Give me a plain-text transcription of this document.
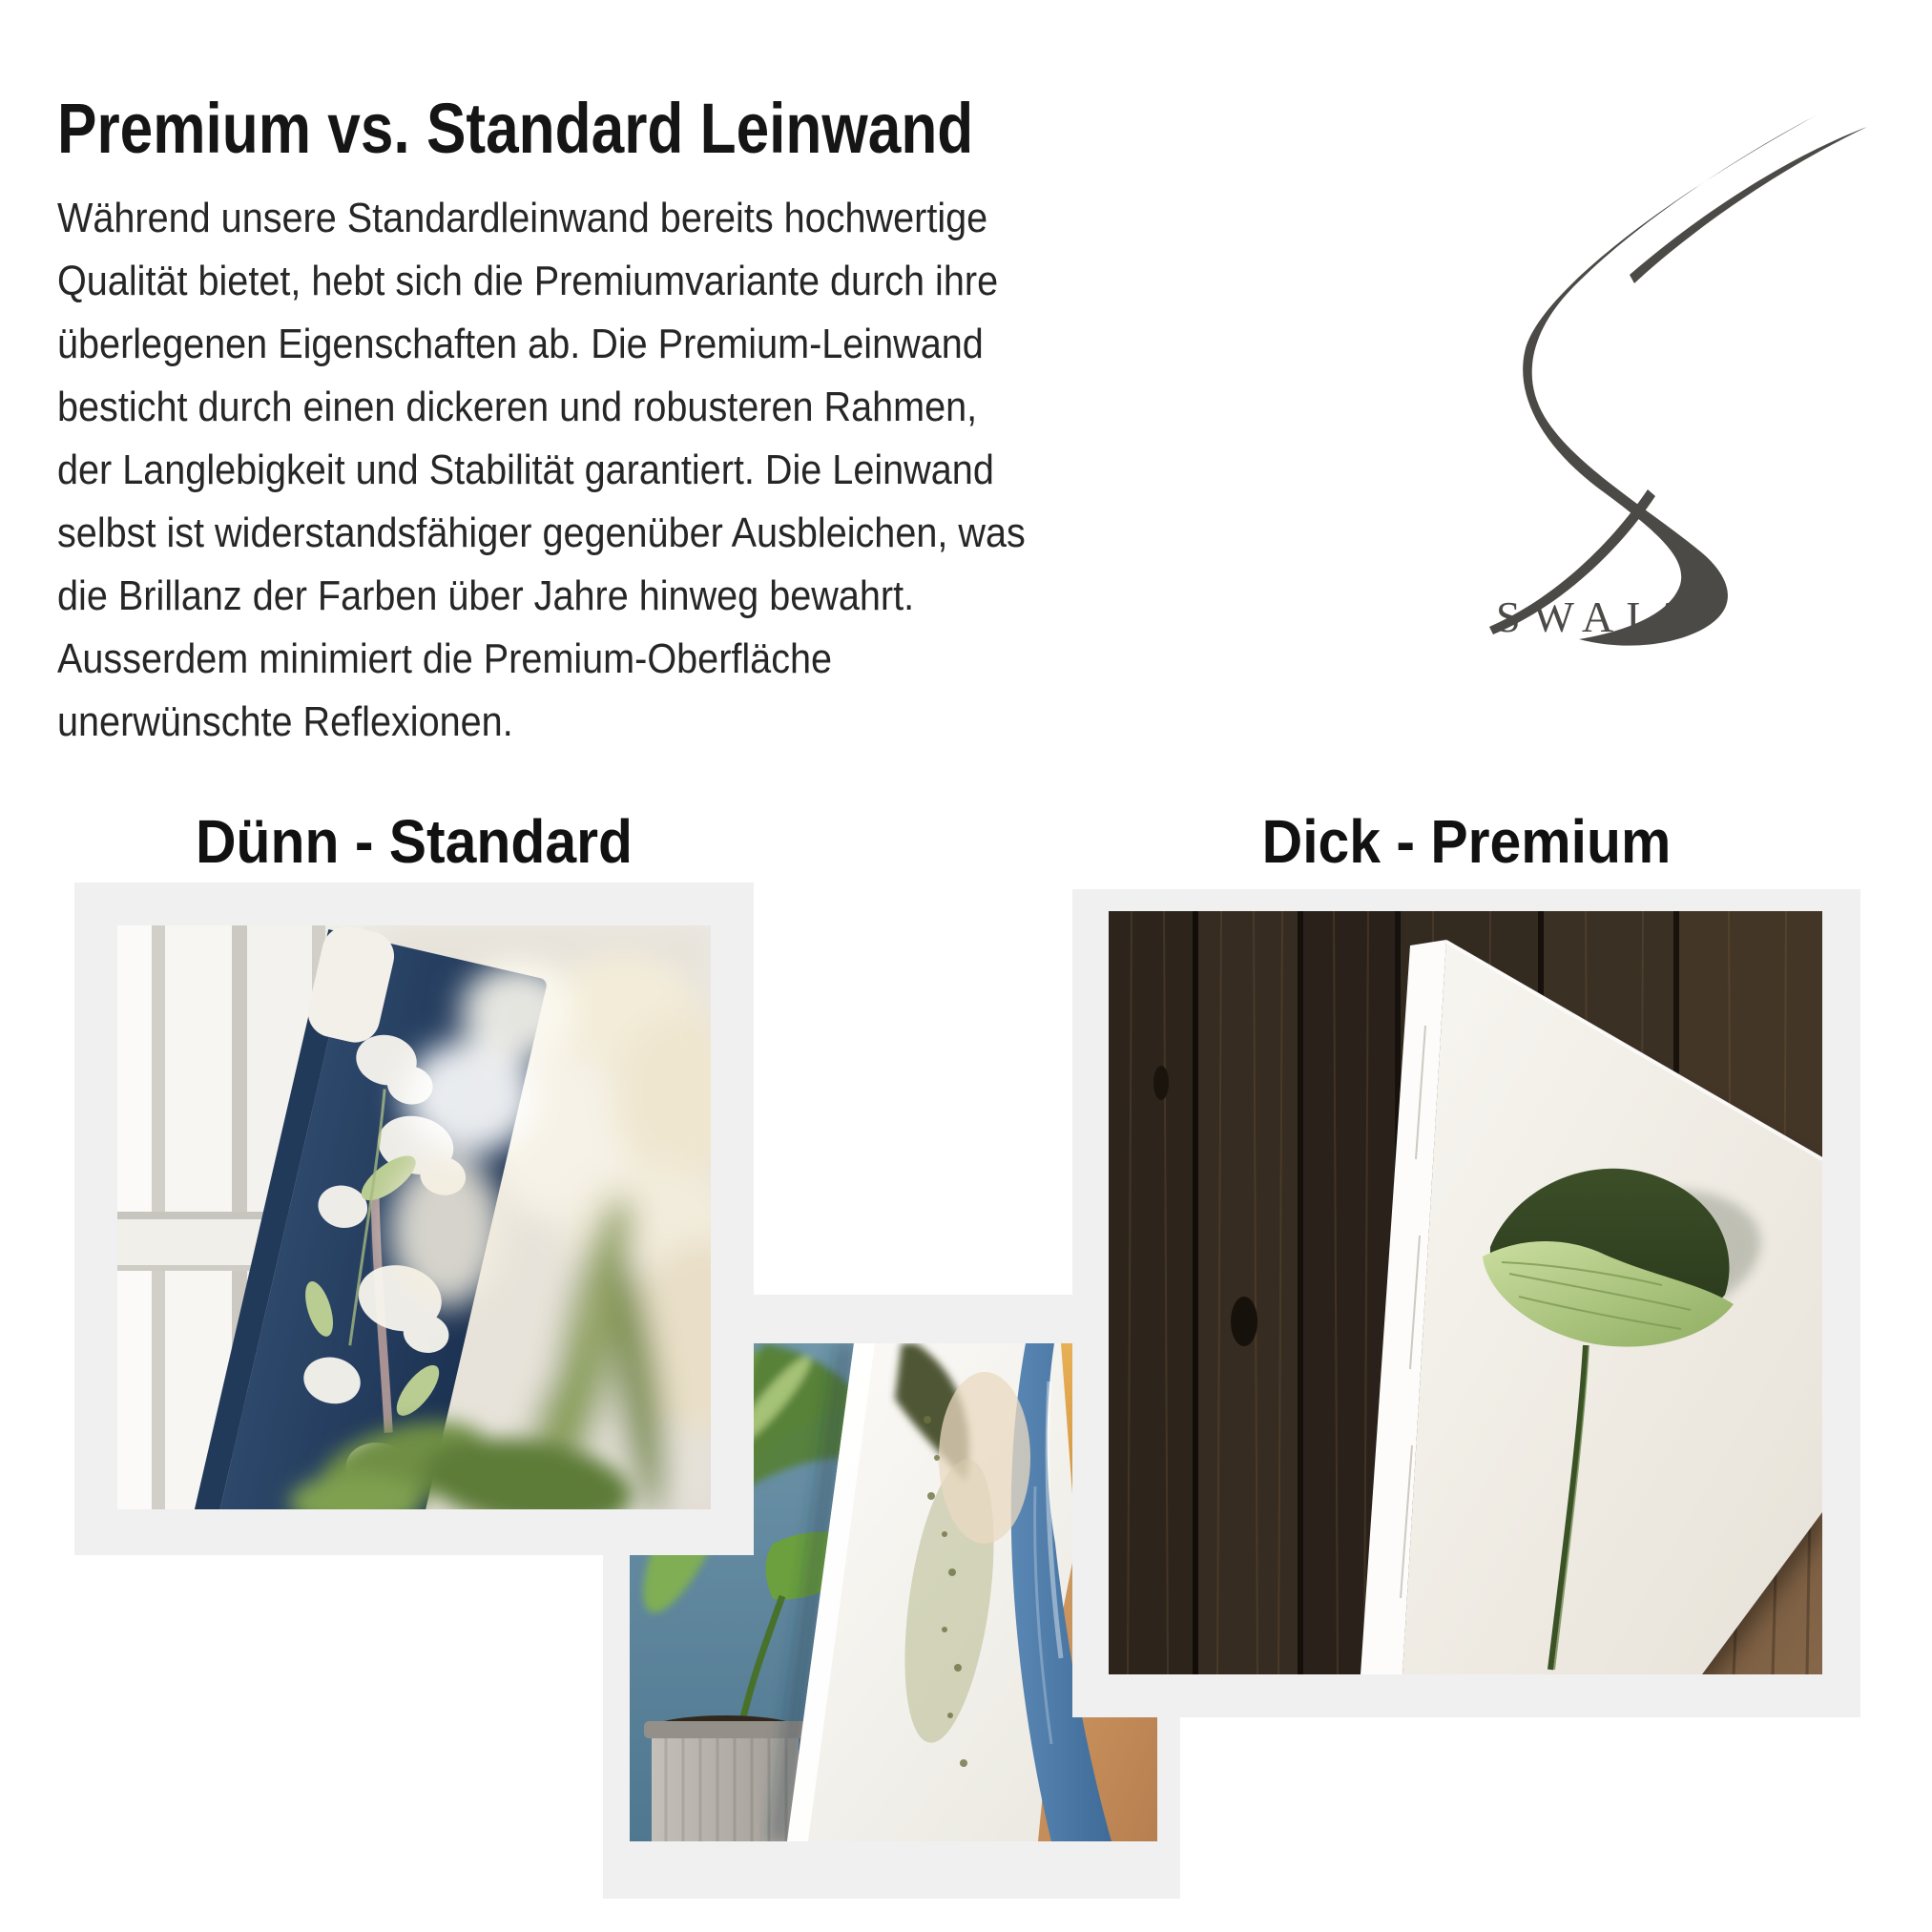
Premium vs. Standard Leinwand
Während unsere Standardleinwand bereits hochwertige
Qualität bietet, hebt sich die Premiumvariante durch ihre
überlegenen Eigenschaften ab. Die Premium-Leinwand
besticht durch einen dickeren und robusteren Rahmen,
der Langlebigkeit und Stabilität garantiert. Die Leinwand
selbst ist widerstandsfähiger gegenüber Ausbleichen, was
die Brillanz der Farben über Jahre hinweg bewahrt.
Ausserdem minimiert die Premium-Oberfläche
unerwünschte Reflexionen.
SWAIA
Dünn - Standard	Dick - Premium
